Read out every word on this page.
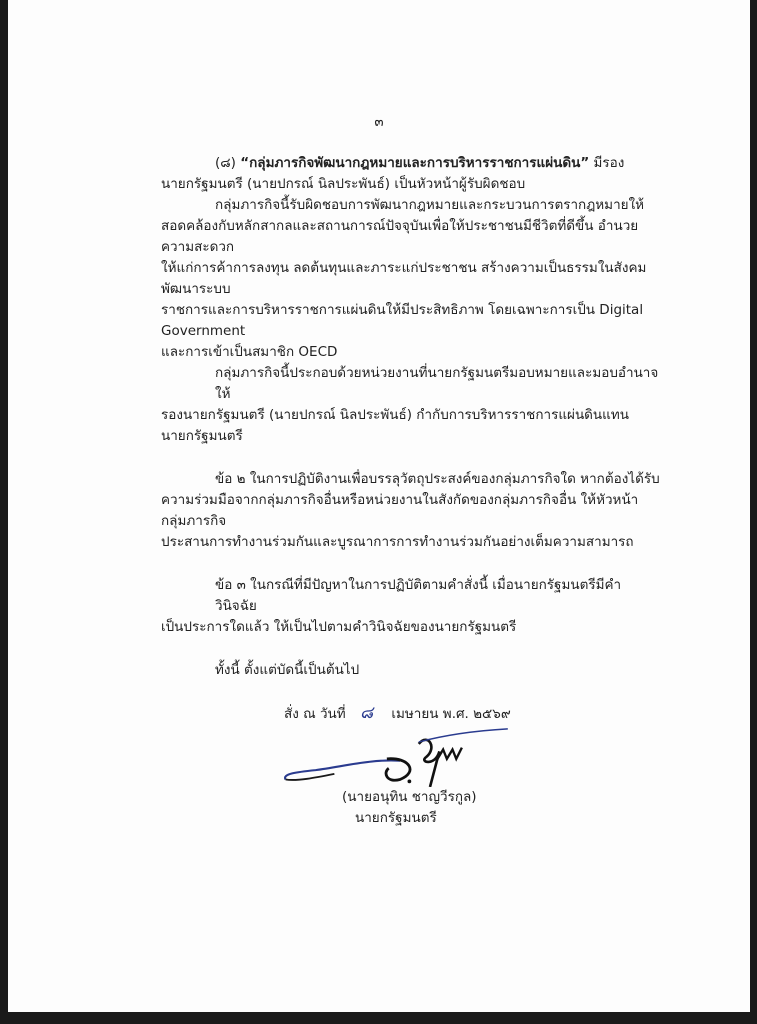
๓
(๘) “กลุ่มภารกิจพัฒนากฎหมายและการบริหารราชการแผ่นดิน” มีรอง
นายกรัฐมนตรี (นายปกรณ์ นิลประพันธ์) เป็นหัวหน้าผู้รับผิดชอบ
กลุ่มภารกิจนี้รับผิดชอบการพัฒนากฎหมายและกระบวนการตรากฎหมายให้
สอดคล้องกับหลักสากลและสถานการณ์ปัจจุบันเพื่อให้ประชาชนมีชีวิตที่ดีขึ้น อำนวยความสะดวก
ให้แก่การค้าการลงทุน ลดต้นทุนและภาระแก่ประชาชน สร้างความเป็นธรรมในสังคม พัฒนาระบบ
ราชการและการบริหารราชการแผ่นดินให้มีประสิทธิภาพ โดยเฉพาะการเป็น Digital Government
และการเข้าเป็นสมาชิก OECD
กลุ่มภารกิจนี้ประกอบด้วยหน่วยงานที่นายกรัฐมนตรีมอบหมายและมอบอำนาจให้
รองนายกรัฐมนตรี (นายปกรณ์ นิลประพันธ์) กำกับการบริหารราชการแผ่นดินแทนนายกรัฐมนตรี
ข้อ ๒ ในการปฏิบัติงานเพื่อบรรลุวัตถุประสงค์ของกลุ่มภารกิจใด หากต้องได้รับ
ความร่วมมือจากกลุ่มภารกิจอื่นหรือหน่วยงานในสังกัดของกลุ่มภารกิจอื่น ให้หัวหน้ากลุ่มภารกิจ
ประสานการทำงานร่วมกันและบูรณาการการทำงานร่วมกันอย่างเต็มความสามารถ
ข้อ ๓ ในกรณีที่มีปัญหาในการปฏิบัติตามคำสั่งนี้ เมื่อนายกรัฐมนตรีมีคำวินิจฉัย
เป็นประการใดแล้ว ให้เป็นไปตามคำวินิจฉัยของนายกรัฐมนตรี
ทั้งนี้ ตั้งแต่บัดนี้เป็นต้นไป
สั่ง ณ วันที่ ๘ เมษายน พ.ศ. ๒๕๖๙
(นายอนุทิน ชาญวีรกูล)
นายกรัฐมนตรี
